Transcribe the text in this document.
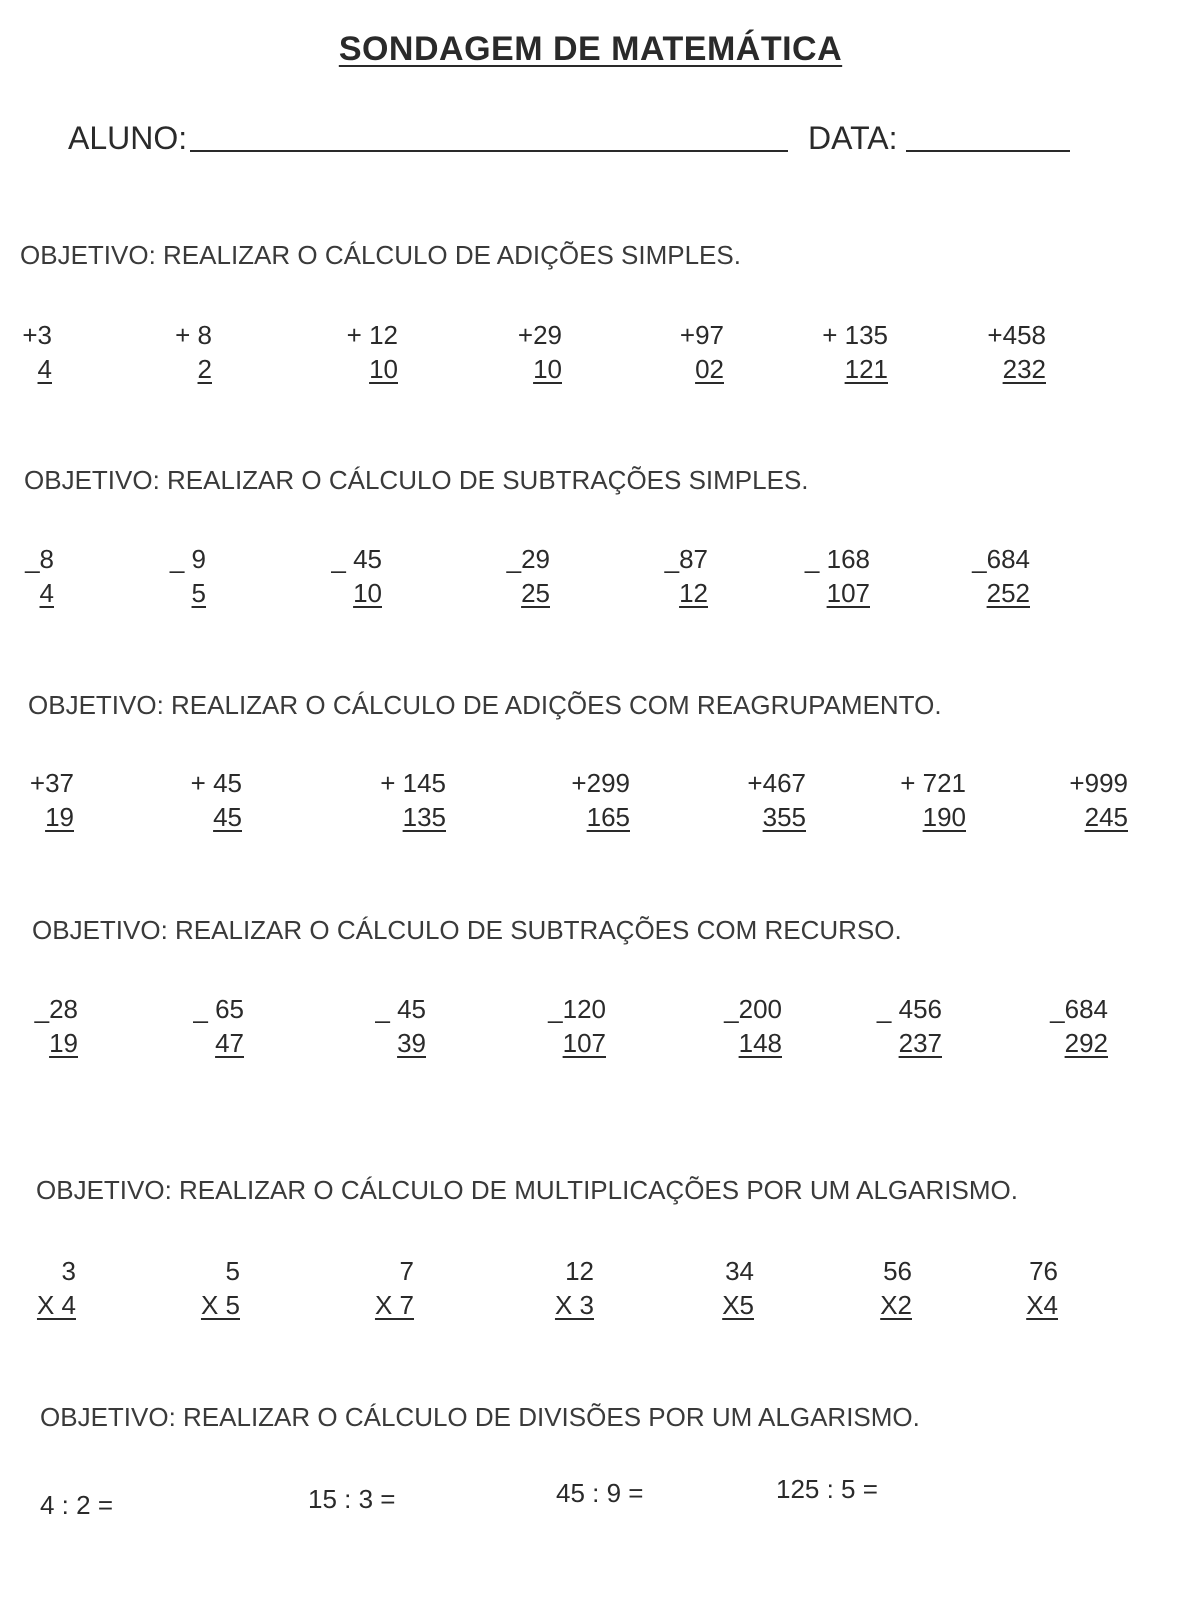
SONDAGEM DE MATEMÁTICA
ALUNO:	DATA:
OBJETIVO: REALIZAR O CÁLCULO DE ADIÇÕES SIMPLES.
+3
4
+ 8
2
+ 12
10
+29
10
+97
02
+ 135
121
+458
232
OBJETIVO: REALIZAR O CÁLCULO DE SUBTRAÇÕES SIMPLES.
_8
4
_ 9
5
_ 45
10
_29
25
_87
12
_ 168
107
_684
252
OBJETIVO: REALIZAR O CÁLCULO DE ADIÇÕES COM REAGRUPAMENTO.
+37
19
+ 45
45
+ 145
135
+299
165
+467
355
+ 721
190
+999
245
OBJETIVO: REALIZAR O CÁLCULO DE SUBTRAÇÕES COM RECURSO.
_28
19
_ 65
47
_ 45
39
_120
107
_200
148
_ 456
237
_684
292
OBJETIVO: REALIZAR O CÁLCULO DE MULTIPLICAÇÕES POR UM ALGARISMO.
3
X 4
5
X 5
7
X 7
12
X 3
34
X5
56
X2
76
X4
OBJETIVO: REALIZAR O CÁLCULO DE DIVISÕES POR UM ALGARISMO.
4 : 2 =	15 : 3 =	45 : 9 =	125 : 5 =
